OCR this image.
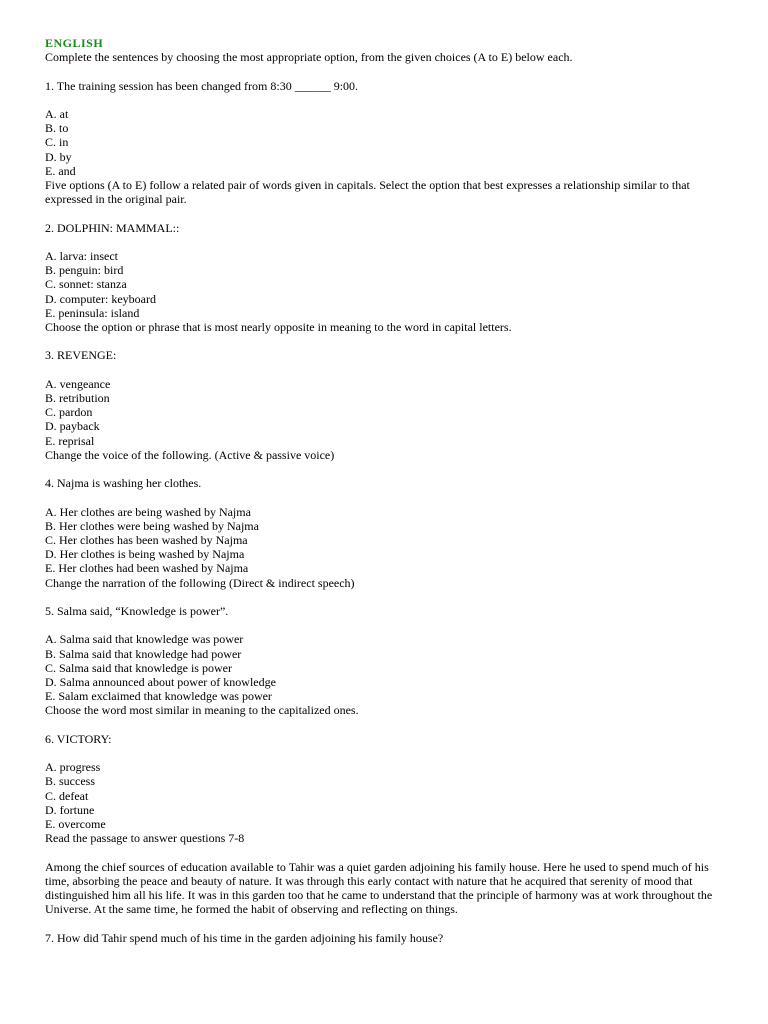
ENGLISH
Complete the sentences by choosing the most appropriate option, from the given choices (A to E) below each.
1. The training session has been changed from 8:30 ______ 9:00.
A. at
B. to
C. in
D. by
E. and
Five options (A to E) follow a related pair of words given in capitals. Select the option that best expresses a relationship similar to that expressed in the original pair.
2. DOLPHIN: MAMMAL::
A. larva: insect
B. penguin: bird
C. sonnet: stanza
D. computer: keyboard
E. peninsula: island
Choose the option or phrase that is most nearly opposite in meaning to the word in capital letters.
3. REVENGE:
A. vengeance
B. retribution
C. pardon
D. payback
E. reprisal
Change the voice of the following. (Active & passive voice)
4. Najma is washing her clothes.
A. Her clothes are being washed by Najma
B. Her clothes were being washed by Najma
C. Her clothes has been washed by Najma
D. Her clothes is being washed by Najma
E. Her clothes had been washed by Najma
Change the narration of the following (Direct & indirect speech)
5. Salma said, “Knowledge is power”.
A. Salma said that knowledge was power
B. Salma said that knowledge had power
C. Salma said that knowledge is power
D. Salma announced about power of knowledge
E. Salam exclaimed that knowledge was power
Choose the word most similar in meaning to the capitalized ones.
6. VICTORY:
A. progress
B. success
C. defeat
D. fortune
E. overcome
Read the passage to answer questions 7-8
Among the chief sources of education available to Tahir was a quiet garden adjoining his family house. Here he used to spend much of his time, absorbing the peace and beauty of nature. It was through this early contact with nature that he acquired that serenity of mood that distinguished him all his life. It was in this garden too that he came to understand that the principle of harmony was at work throughout the Universe. At the same time, he formed the habit of observing and reflecting on things.
7. How did Tahir spend much of his time in the garden adjoining his family house?
